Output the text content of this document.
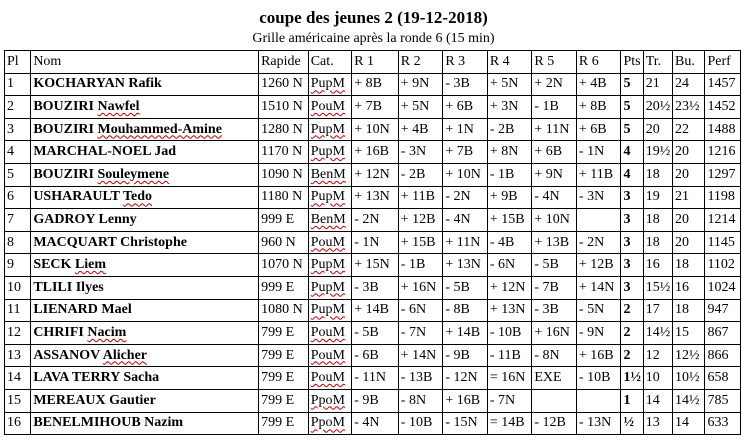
coupe des jeunes 2 (19-12-2018)
Grille américaine après la ronde 6 (15 min)
Pl	Nom	Rapide	Cat.	R 1	R 2	R 3	R 4	R 5	R 6	Pts	Tr.	Bu.	Perf
1	KOCHARYAN Rafik	1260 N	PupM	+ 8B	+ 9N	- 3B	+ 5N	+ 2N	+ 4B	5	21	24	1457
2	BOUZIRI Nawfel	1510 N	PouM	+ 7B	+ 5N	+ 6B	+ 3N	- 1B	+ 8B	5	20½	23½	1452
3	BOUZIRI Mouhammed-Amine	1280 N	PupM	+ 10N	+ 4B	+ 1N	- 2B	+ 11N	+ 6B	5	20	22	1488
4	MARCHAL-NOEL Jad	1170 N	PupM	+ 16B	- 3N	+ 7B	+ 8N	+ 6B	- 1N	4	19½	20	1216
5	BOUZIRI Souleymene	1090 N	BenM	+ 12N	- 2B	+ 10N	- 1B	+ 9N	+ 11B	4	18	20	1297
6	USHARAULT Tedo	1180 N	PupM	+ 13N	+ 11B	- 2N	+ 9B	- 4N	- 3N	3	19	21	1198
7	GADROY Lenny	999 E	BenM	- 2N	+ 12B	- 4N	+ 15B	+ 10N		3	18	20	1214
8	MACQUART Christophe	960 N	PouM	- 1N	+ 15B	+ 11N	- 4B	+ 13B	- 2N	3	18	20	1145
9	SECK Liem	1070 N	PupM	+ 15N	- 1B	+ 13N	- 6N	- 5B	+ 12B	3	16	18	1102
10	TLILI Ilyes	999 E	PupM	- 3B	+ 16N	- 5B	+ 12N	- 7B	+ 14N	3	15½	16	1024
11	LIENARD Mael	1080 N	PupM	+ 14B	- 6N	- 8B	+ 13N	- 3B	- 5N	2	17	18	947
12	CHRIFI Nacim	799 E	PouM	- 5B	- 7N	+ 14B	- 10B	+ 16N	- 9N	2	14½	15	867
13	ASSANOV Alicher	799 E	PouM	- 6B	+ 14N	- 9B	- 11B	- 8N	+ 16B	2	12	12½	866
14	LAVA TERRY Sacha	799 E	PouM	- 11N	- 13B	- 12N	= 16N	EXE	- 10B	1½	10	10½	658
15	MEREAUX Gautier	799 E	PpoM	- 9B	- 8N	+ 16B	- 7N			1	14	14½	785
16	BENELMIHOUB Nazim	799 E	PpoM	- 4N	- 10B	- 15N	= 14B	- 12B	- 13N	½	13	14	633
